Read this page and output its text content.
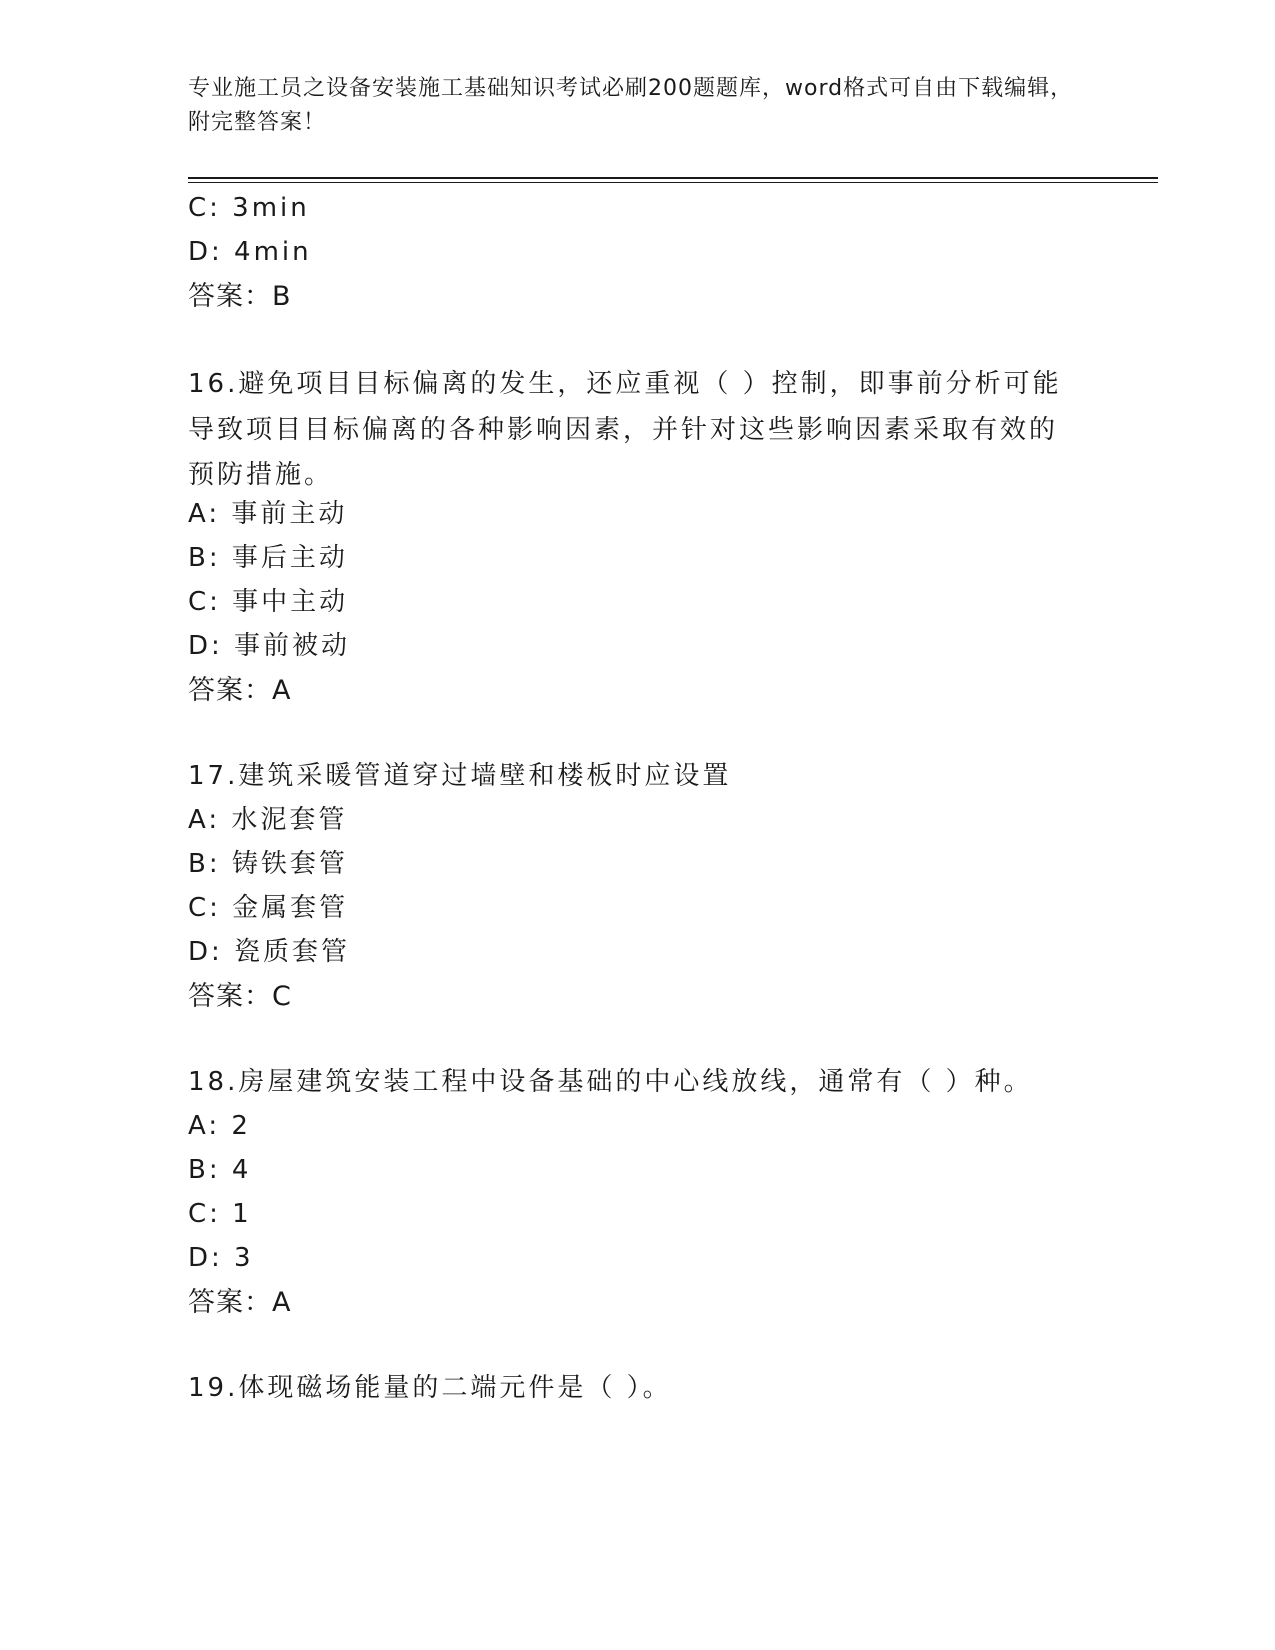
专业施工员之设备安装施工基础知识考试必刷200题题库，word格式可自由下载编辑，附完整答案！
C: 3min
D: 4min
答案：B
16.避免项目目标偏离的发生，还应重视（ ）控制，即事前分析可能导致项目目标偏离的各种影响因素，并针对这些影响因素采取有效的预防措施。
A: 事前主动
B: 事后主动
C: 事中主动
D: 事前被动
答案：A
17.建筑采暖管道穿过墙壁和楼板时应设置
A: 水泥套管
B: 铸铁套管
C: 金属套管
D: 瓷质套管
答案：C
18.房屋建筑安装工程中设备基础的中心线放线，通常有（ ）种。
A: 2
B: 4
C: 1
D: 3
答案：A
19.体现磁场能量的二端元件是（ ）。
